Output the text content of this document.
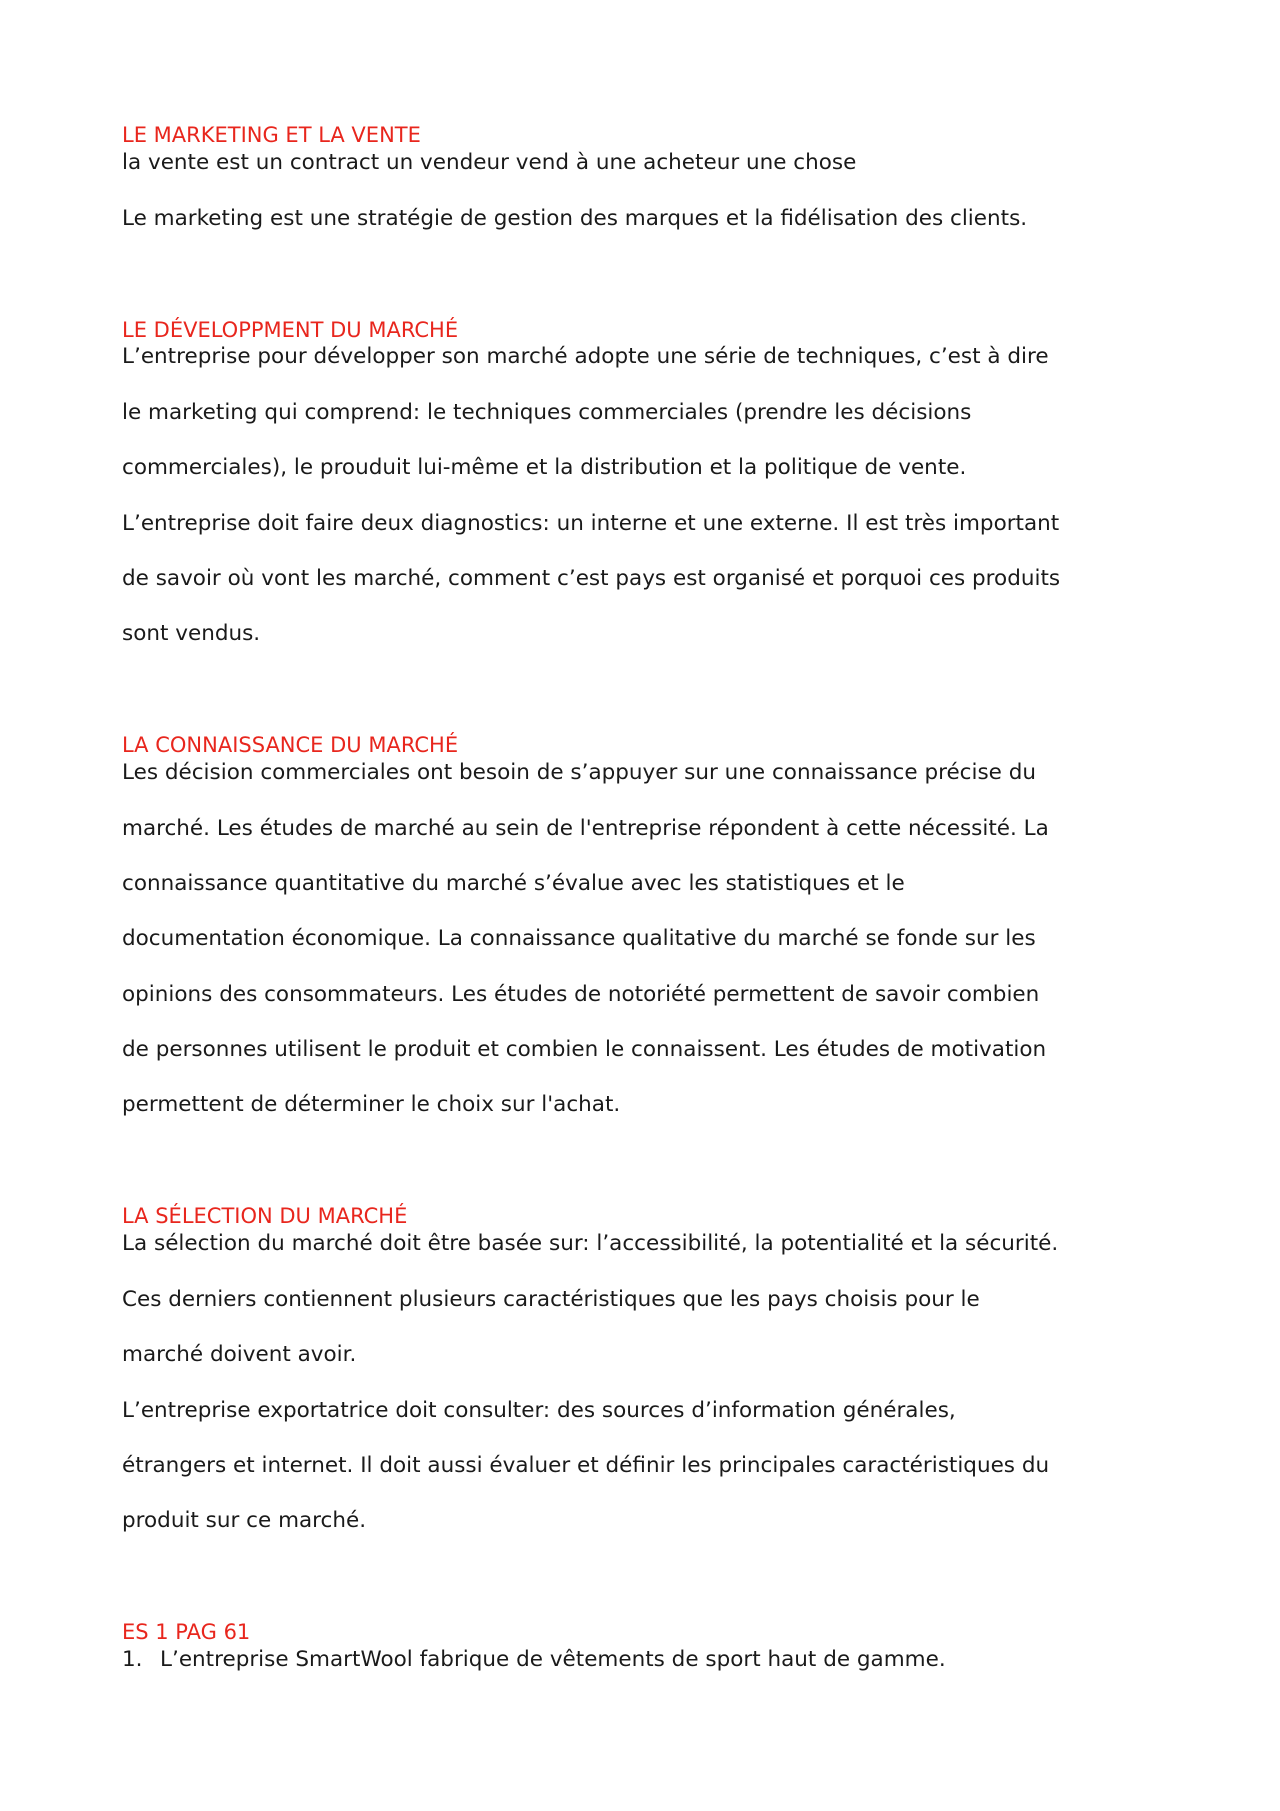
LE MARKETING ET LA VENTE
la vente est un contract un vendeur vend à une acheteur une chose
Le marketing est une stratégie de gestion des marques et la fidélisation des clients.
LE DÉVELOPPMENT DU MARCHÉ
L’entreprise pour développer son marché adopte une série de techniques, c’est à dire
le marketing qui comprend: le techniques commerciales (prendre les décisions
commerciales), le prouduit lui-même et la distribution et la politique de vente.
L’entreprise doit faire deux diagnostics: un interne et une externe. Il est très important
de savoir où vont les marché, comment c’est pays est organisé et porquoi ces produits
sont vendus.
LA CONNAISSANCE DU MARCHÉ
Les décision commerciales ont besoin de s’appuyer sur une connaissance précise du
marché. Les études de marché au sein de l'entreprise répondent à cette nécessité. La
connaissance quantitative du marché s’évalue avec les statistiques et le
documentation économique. La connaissance qualitative du marché se fonde sur les
opinions des consommateurs. Les études de notoriété permettent de savoir combien
de personnes utilisent le produit et combien le connaissent. Les études de motivation
permettent de déterminer le choix sur l'achat.
LA SÉLECTION DU MARCHÉ
La sélection du marché doit être basée sur: l’accessibilité, la potentialité et la sécurité.
Ces derniers contiennent plusieurs caractéristiques que les pays choisis pour le
marché doivent avoir.
L’entreprise exportatrice doit consulter: des sources d’information générales,
étrangers et internet. Il doit aussi évaluer et définir les principales caractéristiques du
produit sur ce marché.
ES 1 PAG 61
1. L’entreprise SmartWool fabrique de vêtements de sport haut de gamme.
